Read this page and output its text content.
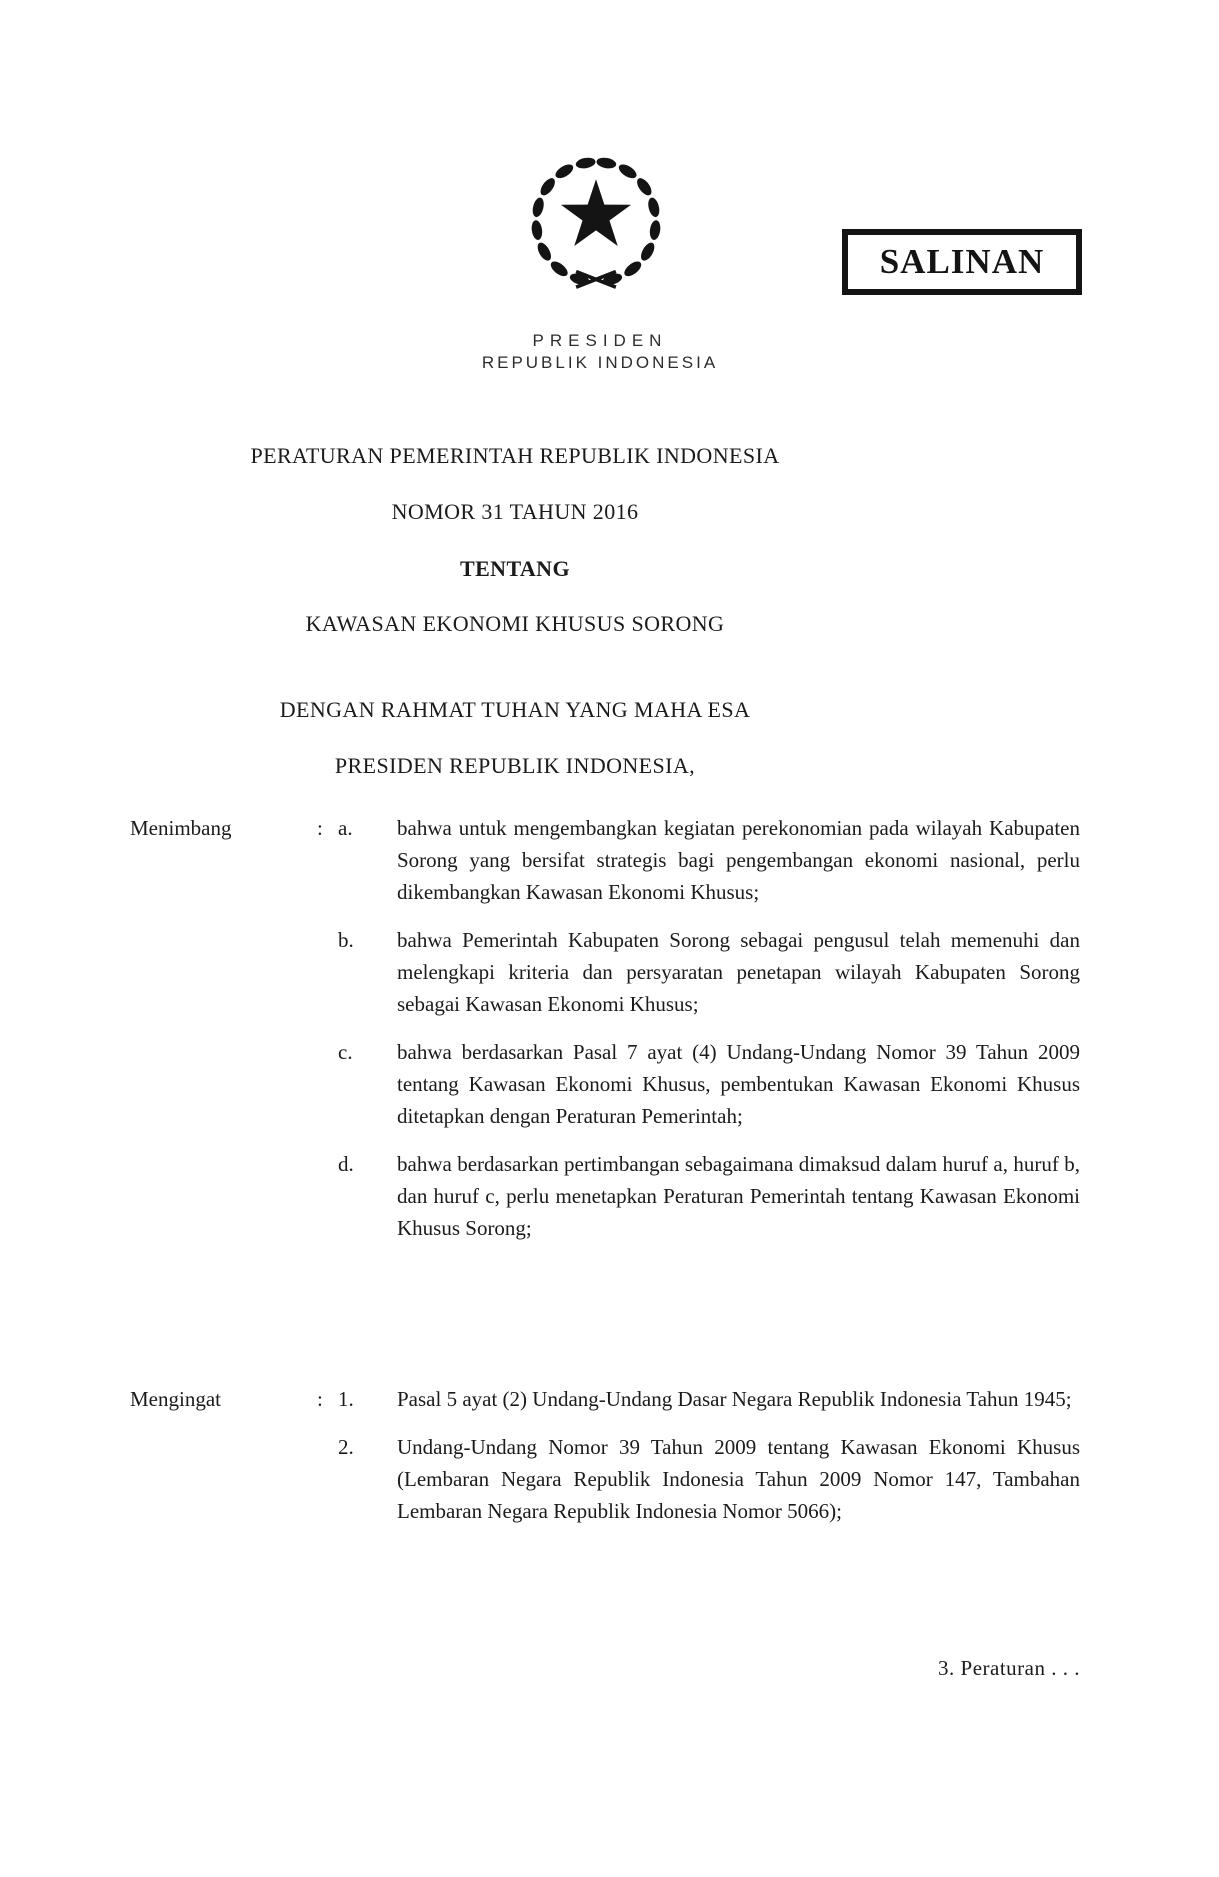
SALINAN
PRESIDEN
REPUBLIK INDONESIA
PERATURAN PEMERINTAH REPUBLIK INDONESIA
NOMOR 31 TAHUN 2016
TENTANG
KAWASAN EKONOMI KHUSUS SORONG
DENGAN RAHMAT TUHAN YANG MAHA ESA
PRESIDEN REPUBLIK INDONESIA,
Menimbang	: a.	bahwa untuk mengembangkan kegiatan perekonomian pada wilayah Kabupaten Sorong yang bersifat strategis bagi pengembangan ekonomi nasional, perlu dikembangkan Kawasan Ekonomi Khusus;
b.	bahwa Pemerintah Kabupaten Sorong sebagai pengusul telah memenuhi dan melengkapi kriteria dan persyaratan penetapan wilayah Kabupaten Sorong sebagai Kawasan Ekonomi Khusus;
c.	bahwa berdasarkan Pasal 7 ayat (4) Undang-Undang Nomor 39 Tahun 2009 tentang Kawasan Ekonomi Khusus, pembentukan Kawasan Ekonomi Khusus ditetapkan dengan Peraturan Pemerintah;
d.	bahwa berdasarkan pertimbangan sebagaimana dimaksud dalam huruf a, huruf b, dan huruf c, perlu menetapkan Peraturan Pemerintah tentang Kawasan Ekonomi Khusus Sorong;
Mengingat	: 1.	Pasal 5 ayat (2) Undang-Undang Dasar Negara Republik Indonesia Tahun 1945;
2.	Undang-Undang Nomor 39 Tahun 2009 tentang Kawasan Ekonomi Khusus (Lembaran Negara Republik Indonesia Tahun 2009 Nomor 147, Tambahan Lembaran Negara Republik Indonesia Nomor 5066);
3. Peraturan . . .
